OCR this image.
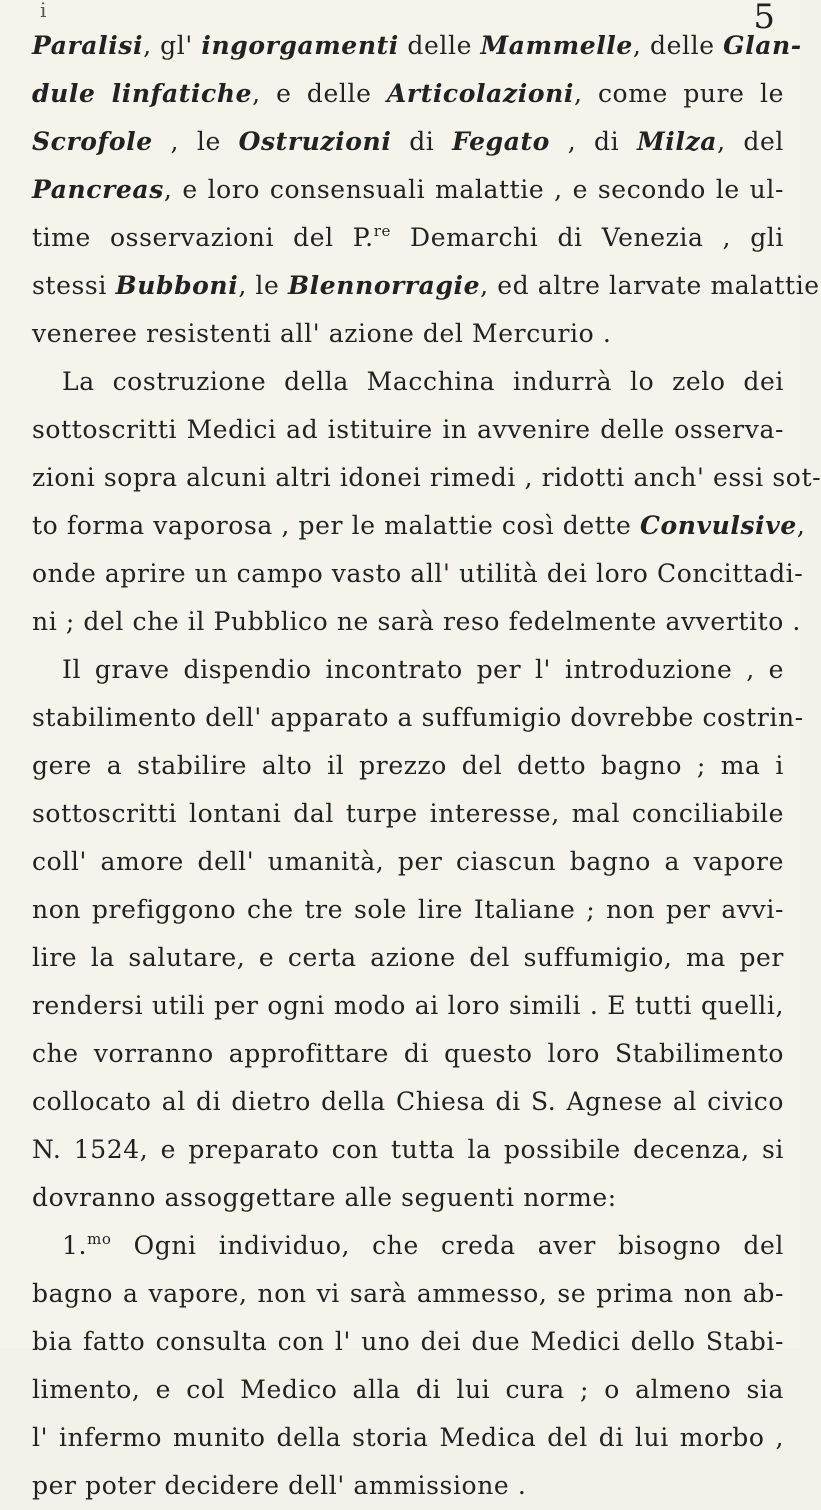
i	5
Paralisi, gl' ingorgamenti delle Mammelle, delle Glan-
dule linfatiche, e delle Articolazioni, come pure le
Scrofole , le Ostruzioni di Fegato , di Milza, del
Pancreas, e loro consensuali malattie , e secondo le ul-
time osservazioni del P.$^{re}$ Demarchi di Venezia , gli
stessi Bubboni, le Blennorragie, ed altre larvate malattie
veneree resistenti all' azione del Mercurio .
La costruzione della Macchina indurrà lo zelo dei
sottoscritti Medici ad istituire in avvenire delle osserva-
zioni sopra alcuni altri idonei rimedi , ridotti anch' essi sot-
to forma vaporosa , per le malattie così dette Convulsive,
onde aprire un campo vasto all' utilità dei loro Concittadi-
ni ; del che il Pubblico ne sarà reso fedelmente avvertito .
Il grave dispendio incontrato per l' introduzione , e
stabilimento dell' apparato a suffumigio dovrebbe costrin-
gere a stabilire alto il prezzo del detto bagno ; ma i
sottoscritti lontani dal turpe interesse, mal conciliabile
coll' amore dell' umanità, per ciascun bagno a vapore
non prefiggono che tre sole lire Italiane ; non per avvi-
lire la salutare, e certa azione del suffumigio, ma per
rendersi utili per ogni modo ai loro simili . E tutti quelli,
che vorranno approfittare di questo loro Stabilimento
collocato al di dietro della Chiesa di S. Agnese al civico
N. 1524, e preparato con tutta la possibile decenza, si
dovranno assoggettare alle seguenti norme:
1.$^{mo}$ Ogni individuo, che creda aver bisogno del
bagno a vapore, non vi sarà ammesso, se prima non ab-
bia fatto consulta con l' uno dei due Medici dello Stabi-
limento, e col Medico alla di lui cura ; o almeno sia
l' infermo munito della storia Medica del di lui morbo ,
per poter decidere dell' ammissione .
